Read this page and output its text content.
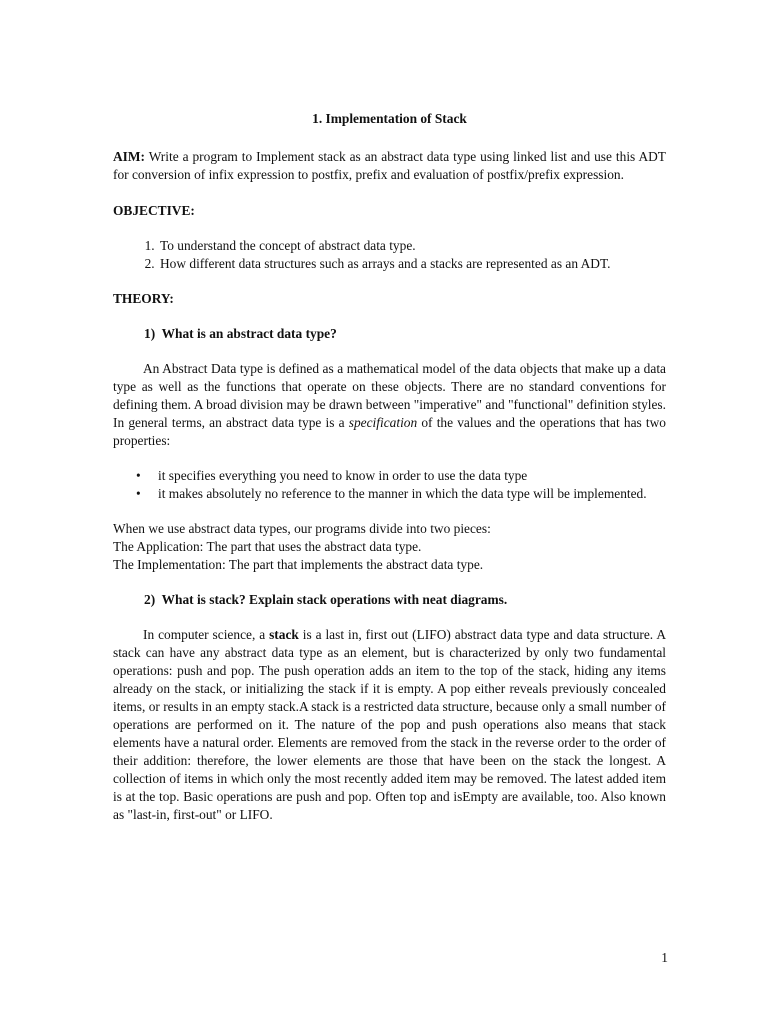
1. Implementation of Stack
AIM: Write a program to Implement stack as an abstract data type using linked list and use this ADT for conversion of infix expression to postfix, prefix and evaluation of postfix/prefix expression.
OBJECTIVE:
1. To understand the concept of abstract data type.
2. How different data structures such as arrays and a stacks are represented as an ADT.
THEORY:
1)  What is an abstract data type?

An Abstract Data type is defined as a mathematical model of the data objects that make up a data type as well as the functions that operate on these objects. There are no standard conventions for defining them. A broad division may be drawn between "imperative" and "functional" definition styles. In general terms, an abstract data type is a specification of the values and the operations that has two properties:

• it specifies everything you need to know in order to use the data type
• it makes absolutely no reference to the manner in which the data type will be implemented.
When we use abstract data types, our programs divide into two pieces:
The Application: The part that uses the abstract data type.
The Implementation: The part that implements the abstract data type.
2)  What is stack? Explain stack operations with neat diagrams.

In computer science, a stack is a last in, first out (LIFO) abstract data type and data structure. A stack can have any abstract data type as an element, but is characterized by only two fundamental operations: push and pop. The push operation adds an item to the top of the stack, hiding any items already on the stack, or initializing the stack if it is empty. A pop either reveals previously concealed items, or results in an empty stack.A stack is a restricted data structure, because only a small number of operations are performed on it. The nature of the pop and push operations also means that stack elements have a natural order. Elements are removed from the stack in the reverse order to the order of their addition: therefore, the lower elements are those that have been on the stack the longest. A collection of items in which only the most recently added item may be removed. The latest added item is at the top. Basic operations are push and pop. Often top and isEmpty are available, too. Also known as "last-in, first-out" or LIFO.

1
